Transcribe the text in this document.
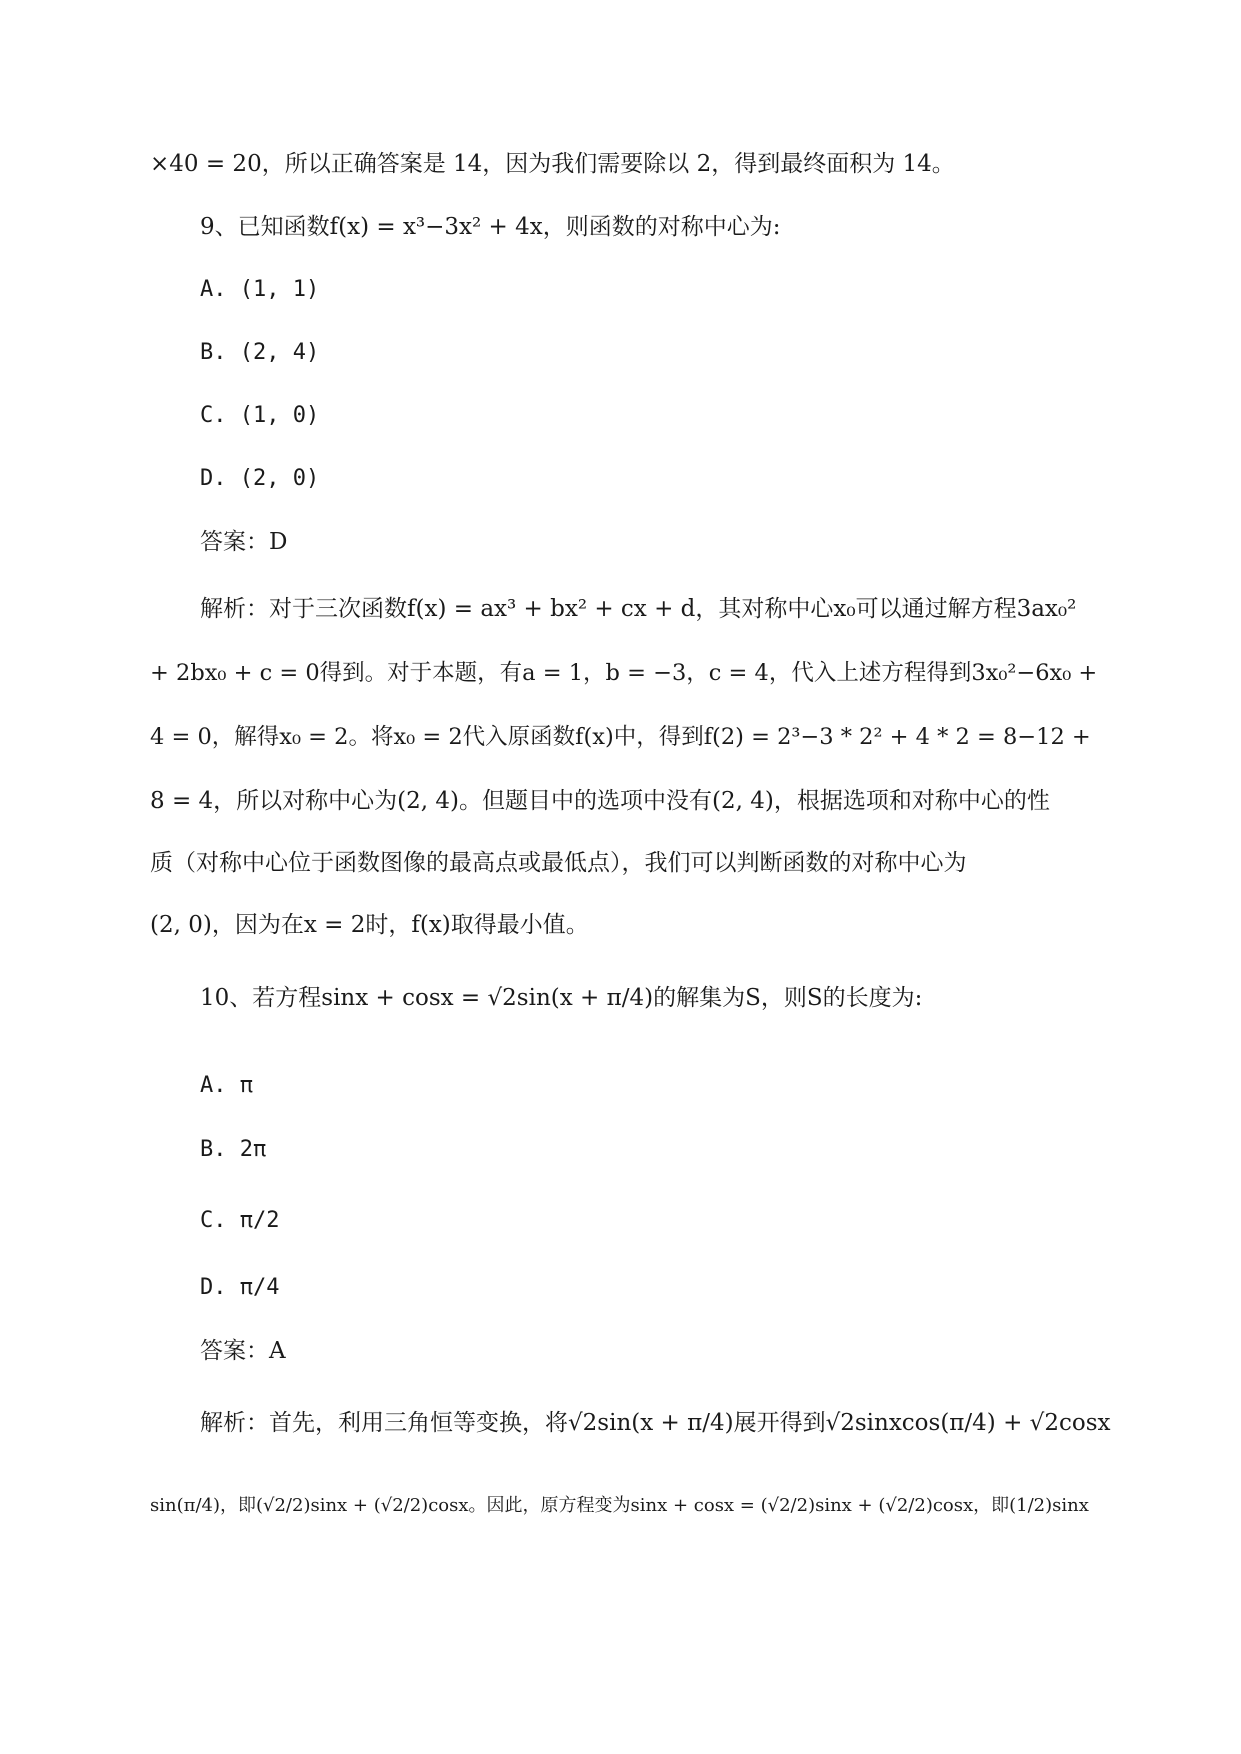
×40 = 20，所以正确答案是 14，因为我们需要除以 2，得到最终面积为 14。
9、已知函数f(x) = x³−3x² + 4x，则函数的对称中心为:
A. (1, 1)
B. (2, 4)
C. (1, 0)
D. (2, 0)
答案：D
解析：对于三次函数f(x) = ax³ + bx² + cx + d，其对称中心x₀可以通过解方程3ax₀²
+ 2bx₀ + c = 0得到。对于本题，有a = 1，b = −3，c = 4，代入上述方程得到3x₀²−6x₀ +
4 = 0，解得x₀ = 2。将x₀ = 2代入原函数f(x)中，得到f(2) = 2³−3 * 2² + 4 * 2 = 8−12 +
8 = 4，所以对称中心为(2, 4)。但题目中的选项中没有(2, 4)，根据选项和对称中心的性
质（对称中心位于函数图像的最高点或最低点），我们可以判断函数的对称中心为
(2, 0)，因为在x = 2时，f(x)取得最小值。
10、若方程sinx + cosx = √2sin(x + π/4)的解集为S，则S的长度为:
A. π
B. 2π
C. π/2
D. π/4
答案：A
解析：首先，利用三角恒等变换，将√2sin(x + π/4)展开得到√2sinxcos(π/4) + √2cosx
sin(π/4)，即(√2/2)sinx + (√2/2)cosx。因此，原方程变为sinx + cosx = (√2/2)sinx + (√2/2)cosx，即(1/2)sinx
